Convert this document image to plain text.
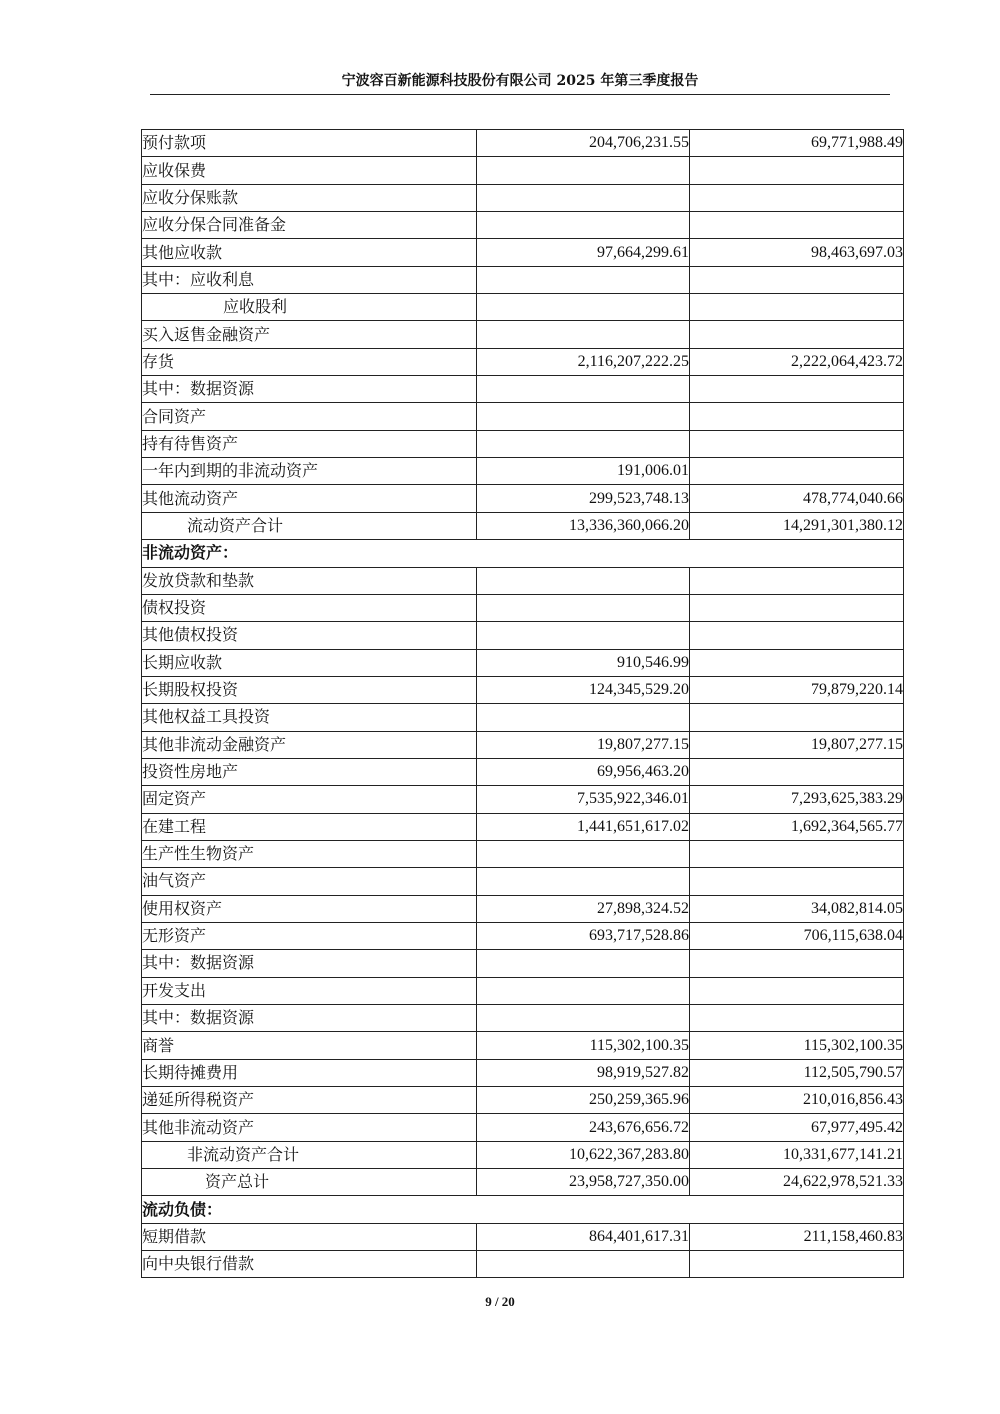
宁波容百新能源科技股份有限公司 2025 年第三季度报告
预付款项	204,706,231.55	69,771,988.49
应收保费		
应收分保账款		
应收分保合同准备金		
其他应收款	97,664,299.61	98,463,697.03
其中：应收利息		
应收股利		
买入返售金融资产		
存货	2,116,207,222.25	2,222,064,423.72
其中：数据资源		
合同资产		
持有待售资产		
一年内到期的非流动资产	191,006.01	
其他流动资产	299,523,748.13	478,774,040.66
流动资产合计	13,336,360,066.20	14,291,301,380.12
非流动资产：		
发放贷款和垫款		
债权投资		
其他债权投资		
长期应收款	910,546.99	
长期股权投资	124,345,529.20	79,879,220.14
其他权益工具投资		
其他非流动金融资产	19,807,277.15	19,807,277.15
投资性房地产	69,956,463.20	
固定资产	7,535,922,346.01	7,293,625,383.29
在建工程	1,441,651,617.02	1,692,364,565.77
生产性生物资产		
油气资产		
使用权资产	27,898,324.52	34,082,814.05
无形资产	693,717,528.86	706,115,638.04
其中：数据资源		
开发支出		
其中：数据资源		
商誉	115,302,100.35	115,302,100.35
长期待摊费用	98,919,527.82	112,505,790.57
递延所得税资产	250,259,365.96	210,016,856.43
其他非流动资产	243,676,656.72	67,977,495.42
非流动资产合计	10,622,367,283.80	10,331,677,141.21
资产总计	23,958,727,350.00	24,622,978,521.33
流动负债：		
短期借款	864,401,617.31	211,158,460.83
向中央银行借款		
9 / 20
